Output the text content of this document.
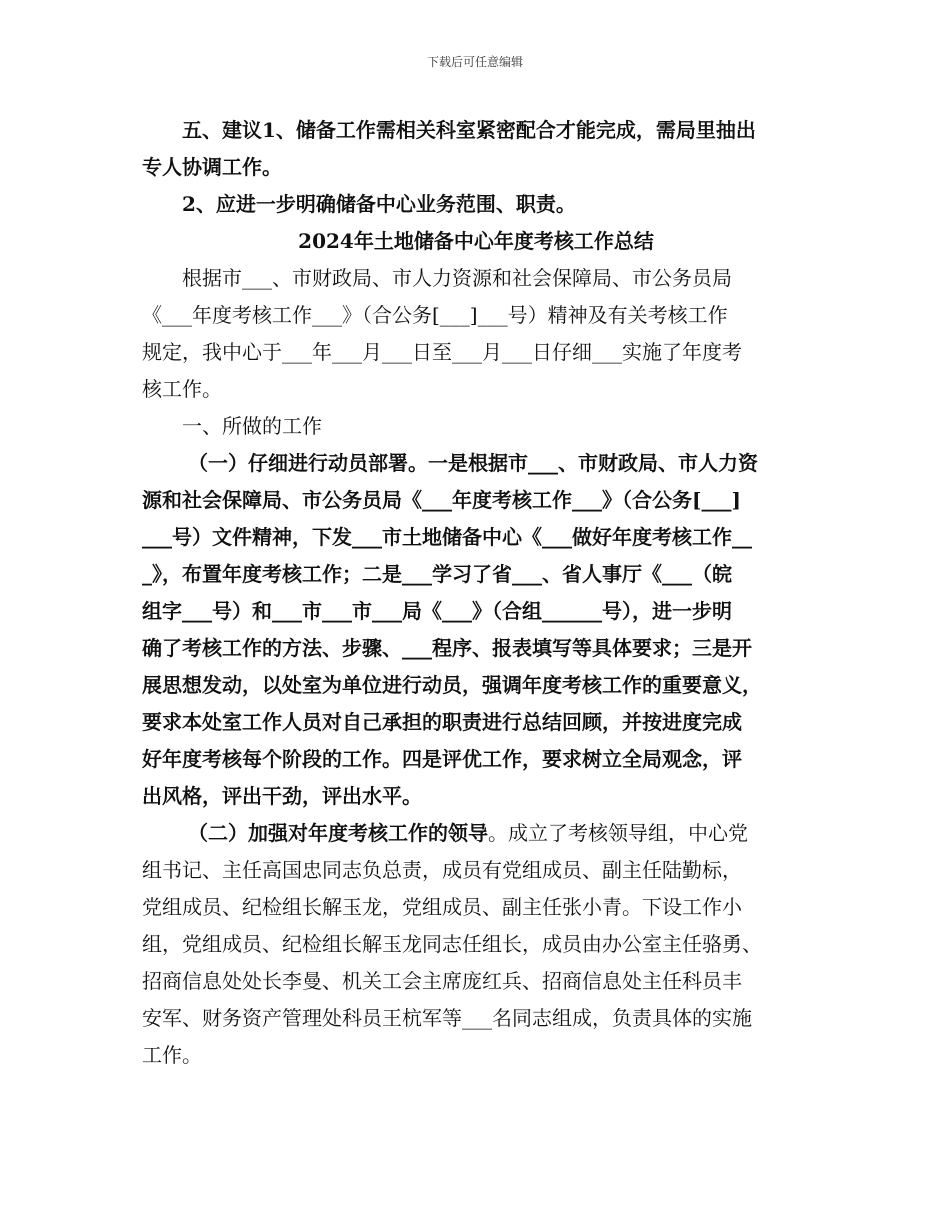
下载后可任意编辑
五、建议1、储备工作需相关科室紧密配合才能完成，需局里抽出
专人协调工作。
2、应进一步明确储备中心业务范围、职责。
2024年土地储备中心年度考核工作总结
根据市___、市财政局、市人力资源和社会保障局、市公务员局
《___年度考核工作___》（合公务[___]___号）精神及有关考核工作
规定，我中心于___年___月___日至___月___日仔细___实施了年度考
核工作。
一、所做的工作
（一）仔细进行动员部署。一是根据市___、市财政局、市人力资
源和社会保障局、市公务员局《___年度考核工作___》（合公务[___]
___号）文件精神，下发___市土地储备中心《___做好年度考核工作__
_》，布置年度考核工作；二是___学习了省___、省人事厅《___（皖
组字___号）和___市___市___局《___》（合组______号），进一步明
确了考核工作的方法、步骤、___程序、报表填写等具体要求；三是开
展思想发动，以处室为单位进行动员，强调年度考核工作的重要意义，
要求本处室工作人员对自己承担的职责进行总结回顾，并按进度完成
好年度考核每个阶段的工作。四是评优工作，要求树立全局观念，评
出风格，评出干劲，评出水平。
（二）加强对年度考核工作的领导。成立了考核领导组，中心党
组书记、主任高国忠同志负总责，成员有党组成员、副主任陆勤标，
党组成员、纪检组长解玉龙，党组成员、副主任张小青。下设工作小
组，党组成员、纪检组长解玉龙同志任组长，成员由办公室主任骆勇、
招商信息处处长李曼、机关工会主席庞红兵、招商信息处主任科员丰
安军、财务资产管理处科员王杭军等___名同志组成，负责具体的实施
工作。
